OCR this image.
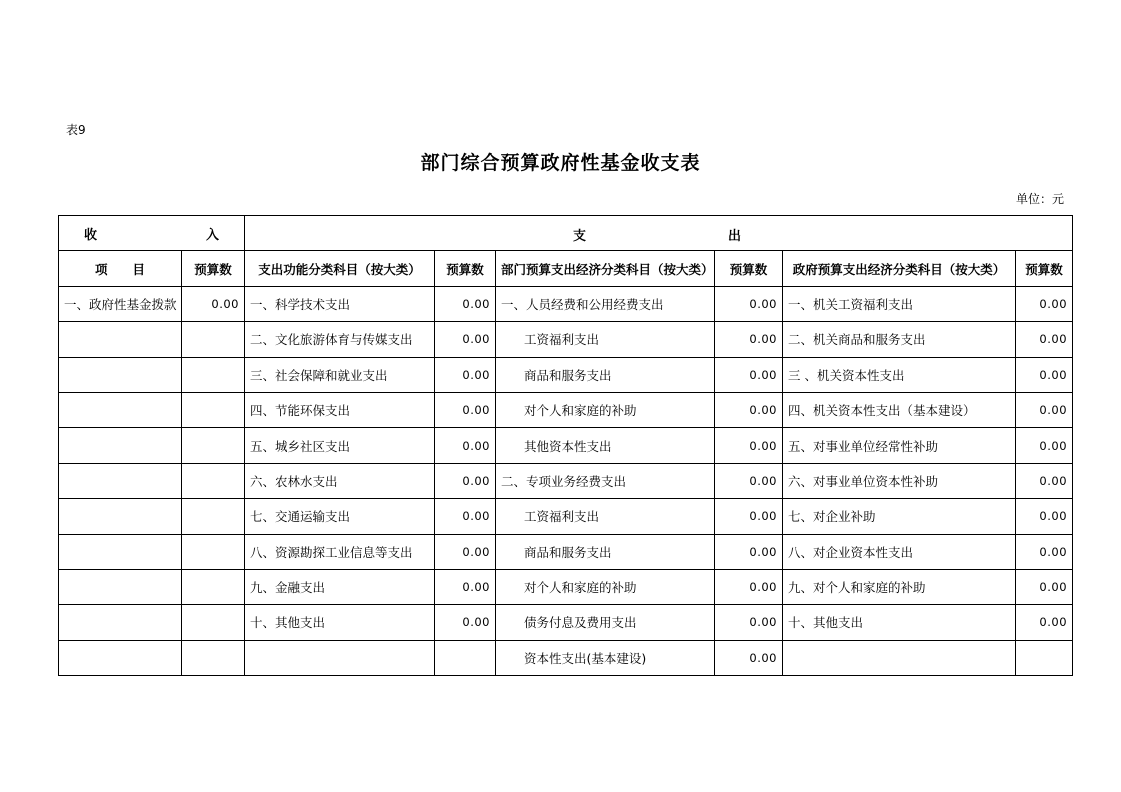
表9
部门综合预算政府性基金收支表
单位：元
收 入		支 出					

项　　目	预算数	支出功能分类科目（按大类）	预算数	部门预算支出经济分类科目（按大类）	预算数	政府预算支出经济分类科目（按大类）	预算数
一、政府性基金拨款	0.00	一、科学技术支出	0.00	一、人员经费和公用经费支出	0.00	一、机关工资福利支出	0.00
		二、文化旅游体育与传媒支出	0.00	工资福利支出	0.00	二、机关商品和服务支出	0.00
		三、社会保障和就业支出	0.00	商品和服务支出	0.00	三 、机关资本性支出	0.00
		四、节能环保支出	0.00	对个人和家庭的补助	0.00	四、机关资本性支出（基本建设）	0.00
		五、城乡社区支出	0.00	其他资本性支出	0.00	五、对事业单位经常性补助	0.00
		六、农林水支出	0.00	二、专项业务经费支出	0.00	六、对事业单位资本性补助	0.00
		七、交通运输支出	0.00	工资福利支出	0.00	七、对企业补助	0.00
		八、资源勘探工业信息等支出	0.00	商品和服务支出	0.00	八、对企业资本性支出	0.00
		九、金融支出	0.00	对个人和家庭的补助	0.00	九、对个人和家庭的补助	0.00
		十、其他支出	0.00	债务付息及费用支出	0.00	十、其他支出	0.00
				资本性支出(基本建设)	0.00		
